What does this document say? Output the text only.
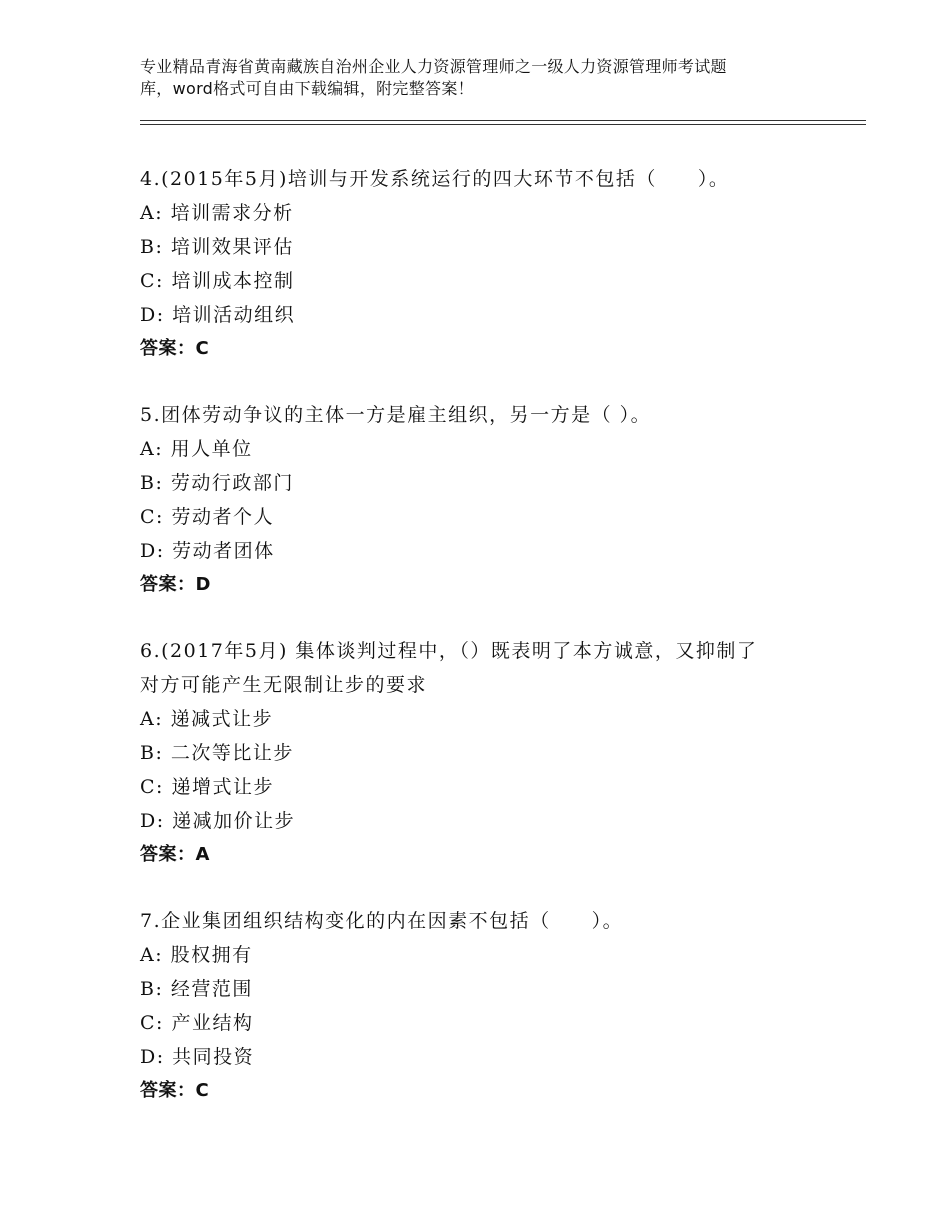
专业精品青海省黄南藏族自治州企业人力资源管理师之一级人力资源管理师考试题
库，word格式可自由下载编辑，附完整答案！
4.(2015年5月)培训与开发系统运行的四大环节不包括（　　）。
A: 培训需求分析
B: 培训效果评估
C: 培训成本控制
D: 培训活动组织
答案：C
5.团体劳动争议的主体一方是雇主组织，另一方是（ ）。
A: 用人单位
B: 劳动行政部门
C: 劳动者个人
D: 劳动者团体
答案：D
6.(2017年5月) 集体谈判过程中，（）既表明了本方诚意，又抑制了
对方可能产生无限制让步的要求
A: 递减式让步
B: 二次等比让步
C: 递增式让步
D: 递减加价让步
答案：A
7.企业集团组织结构变化的内在因素不包括（　　）。
A: 股权拥有
B: 经营范围
C: 产业结构
D: 共同投资
答案：C
